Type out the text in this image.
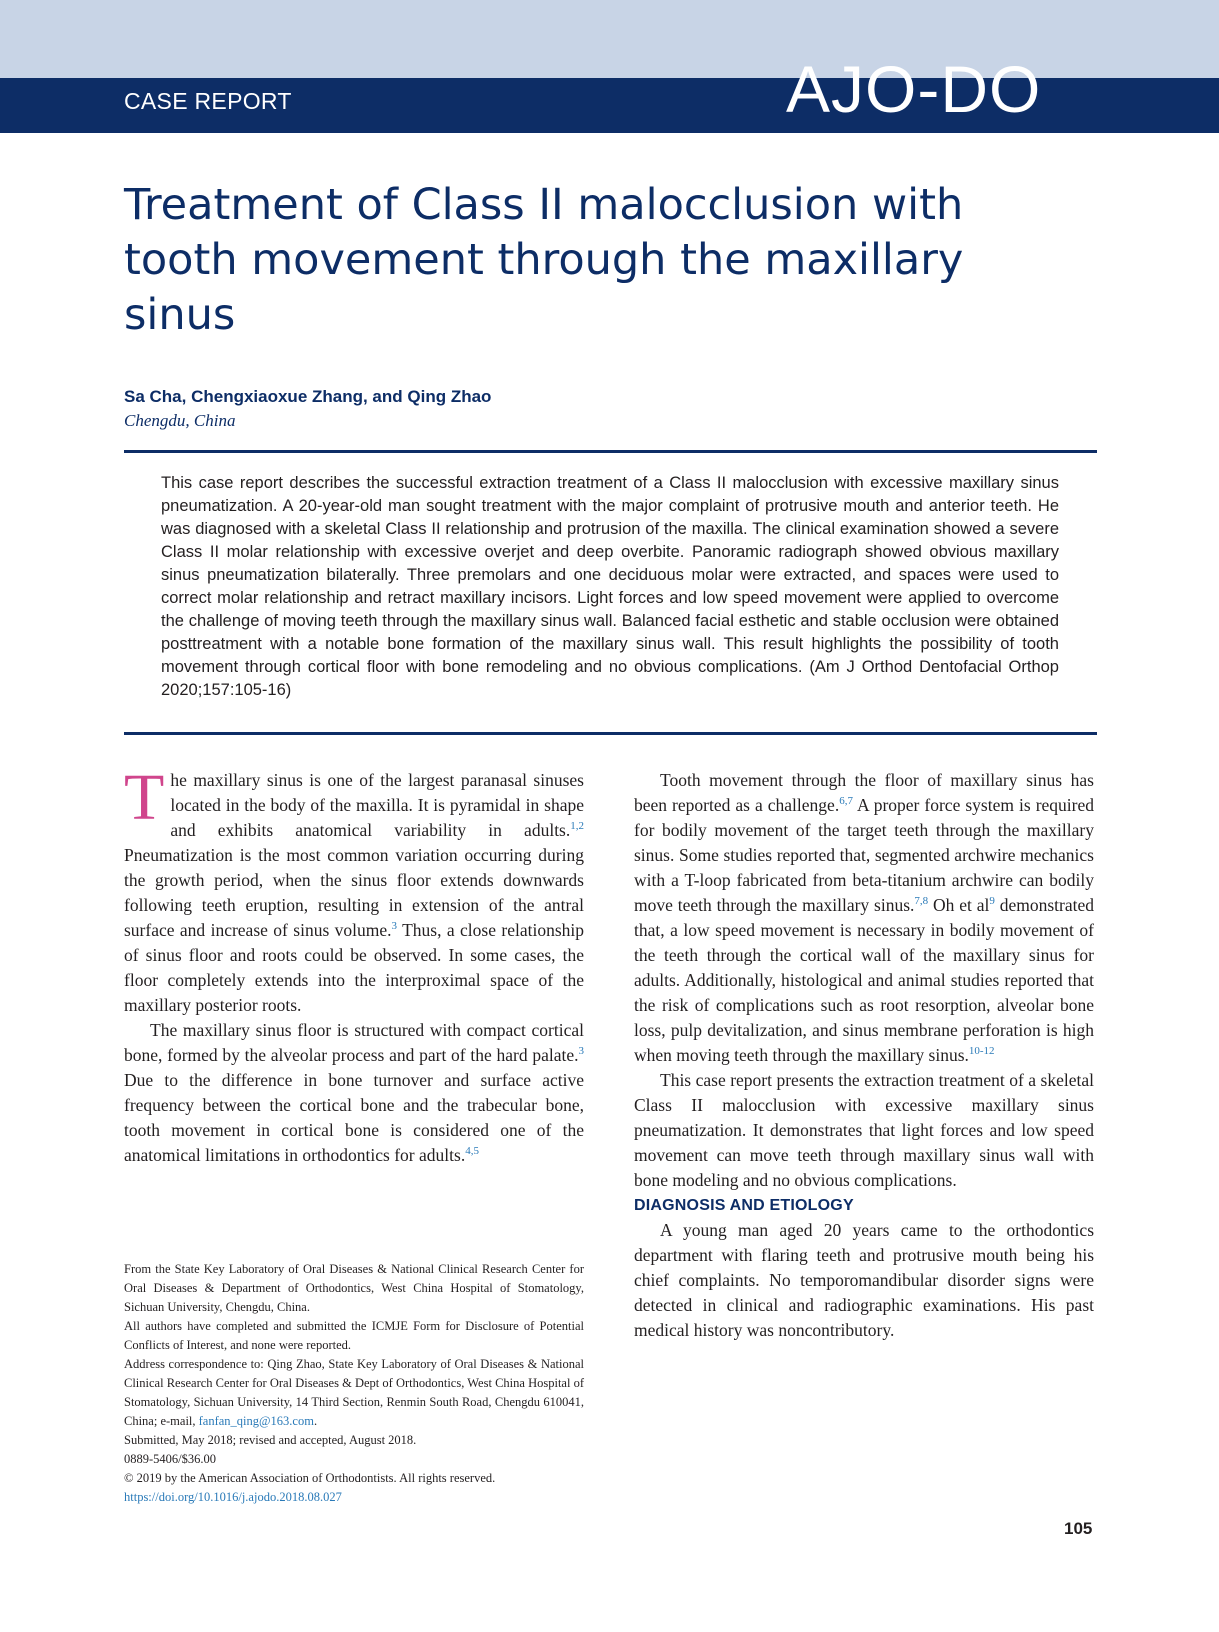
CASE REPORT	AJO-DO
Treatment of Class II malocclusion with tooth movement through the maxillary sinus
Sa Cha, Chengxiaoxue Zhang, and Qing Zhao
Chengdu, China

This case report describes the successful extraction treatment of a Class II malocclusion with excessive maxillary sinus pneumatization. A 20-year-old man sought treatment with the major complaint of protrusive mouth and anterior teeth. He was diagnosed with a skeletal Class II relationship and protrusion of the maxilla. The clinical examination showed a severe Class II molar relationship with excessive overjet and deep overbite. Panoramic radiograph showed obvious maxillary sinus pneumatization bilaterally. Three premolars and one deciduous molar were extracted, and spaces were used to correct molar relationship and retract maxillary incisors. Light forces and low speed movement were applied to overcome the challenge of moving teeth through the maxillary sinus wall. Balanced facial esthetic and stable occlusion were obtained posttreatment with a notable bone formation of the maxillary sinus wall. This result highlights the possibility of tooth movement through cortical floor with bone remodeling and no obvious complications. (Am J Orthod Dentofacial Orthop 2020;157:105-16)

The maxillary sinus is one of the largest paranasal sinuses located in the body of the maxilla. It is pyramidal in shape and exhibits anatomical variability in adults.$^{1,2}$ Pneumatization is the most common variation occurring during the growth period, when the sinus floor extends downwards following teeth eruption, resulting in extension of the antral surface and increase of sinus volume.$^3$ Thus, a close relationship of sinus floor and roots could be observed. In some cases, the floor completely extends into the interproximal space of the maxillary posterior roots.

The maxillary sinus floor is structured with compact cortical bone, formed by the alveolar process and part of the hard palate.$^3$ Due to the difference in bone turnover and surface active frequency between the cortical bone and the trabecular bone, tooth movement in cortical bone is considered one of the anatomical limitations in orthodontics for adults.$^{4,5}$

From the State Key Laboratory of Oral Diseases & National Clinical Research Center for Oral Diseases & Department of Orthodontics, West China Hospital of Stomatology, Sichuan University, Chengdu, China.
All authors have completed and submitted the ICMJE Form for Disclosure of Potential Conflicts of Interest, and none were reported.
Address correspondence to: Qing Zhao, State Key Laboratory of Oral Diseases & National Clinical Research Center for Oral Diseases & Dept of Orthodontics, West China Hospital of Stomatology, Sichuan University, 14 Third Section, Renmin South Road, Chengdu 610041, China; e-mail, fanfan_qing@163.com.
Submitted, May 2018; revised and accepted, August 2018.
0889-5406/$36.00
© 2019 by the American Association of Orthodontists. All rights reserved.
https://doi.org/10.1016/j.ajodo.2018.08.027

Tooth movement through the floor of maxillary sinus has been reported as a challenge.$^{6,7}$ A proper force system is required for bodily movement of the target teeth through the maxillary sinus. Some studies reported that, segmented archwire mechanics with a T-loop fabricated from beta-titanium archwire can bodily move teeth through the maxillary sinus.$^{7,8}$ Oh et al$^9$ demonstrated that, a low speed movement is necessary in bodily movement of the teeth through the cortical wall of the maxillary sinus for adults. Additionally, histological and animal studies reported that the risk of complications such as root resorption, alveolar bone loss, pulp devitalization, and sinus membrane perforation is high when moving teeth through the maxillary sinus.$^{10-12}$

This case report presents the extraction treatment of a skeletal Class II malocclusion with excessive maxillary sinus pneumatization. It demonstrates that light forces and low speed movement can move teeth through maxillary sinus wall with bone modeling and no obvious complications.

DIAGNOSIS AND ETIOLOGY

A young man aged 20 years came to the orthodontics department with flaring teeth and protrusive mouth being his chief complaints. No temporomandibular disorder signs were detected in clinical and radiographic examinations. His past medical history was noncontributory.

105
